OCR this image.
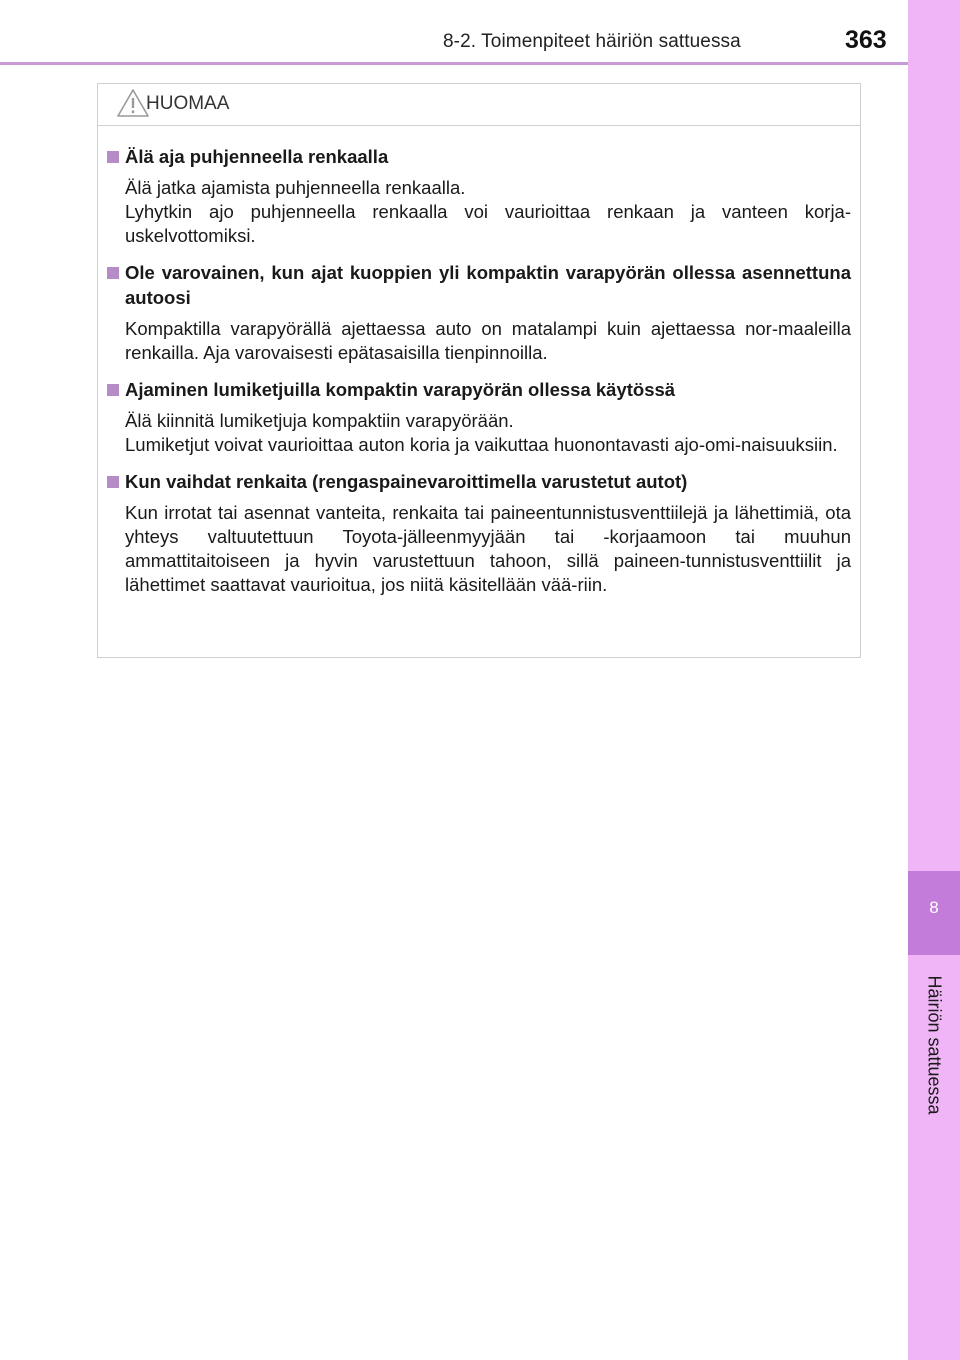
8
Häiriön sattuessa
8-2. Toimenpiteet häiriön sattuessa	363
HUOMAA
Älä aja puhjenneella renkaalla
Älä jatka ajamista puhjenneella renkaalla.
Lyhytkin ajo puhjenneella renkaalla voi vaurioittaa renkaan ja vanteen korja-uskelvottomiksi.
Ole varovainen, kun ajat kuoppien yli kompaktin varapyörän ollessa asennettuna autoosi
Kompaktilla varapyörällä ajettaessa auto on matalampi kuin ajettaessa nor-maaleilla renkailla. Aja varovaisesti epätasaisilla tienpinnoilla.
Ajaminen lumiketjuilla kompaktin varapyörän ollessa käytössä
Älä kiinnitä lumiketjuja kompaktiin varapyörään.
Lumiketjut voivat vaurioittaa auton koria ja vaikuttaa huonontavasti ajo-omi-naisuuksiin.
Kun vaihdat renkaita (rengaspainevaroittimella varustetut autot)
Kun irrotat tai asennat vanteita, renkaita tai paineentunnistusventtiilejä ja lähettimiä, ota yhteys valtuutettuun Toyota-jälleenmyyjään tai -korjaamoon tai muuhun ammattitaitoiseen ja hyvin varustettuun tahoon, sillä paineen-tunnistusventtiilit ja lähettimet saattavat vaurioitua, jos niitä käsitellään vää-riin.
